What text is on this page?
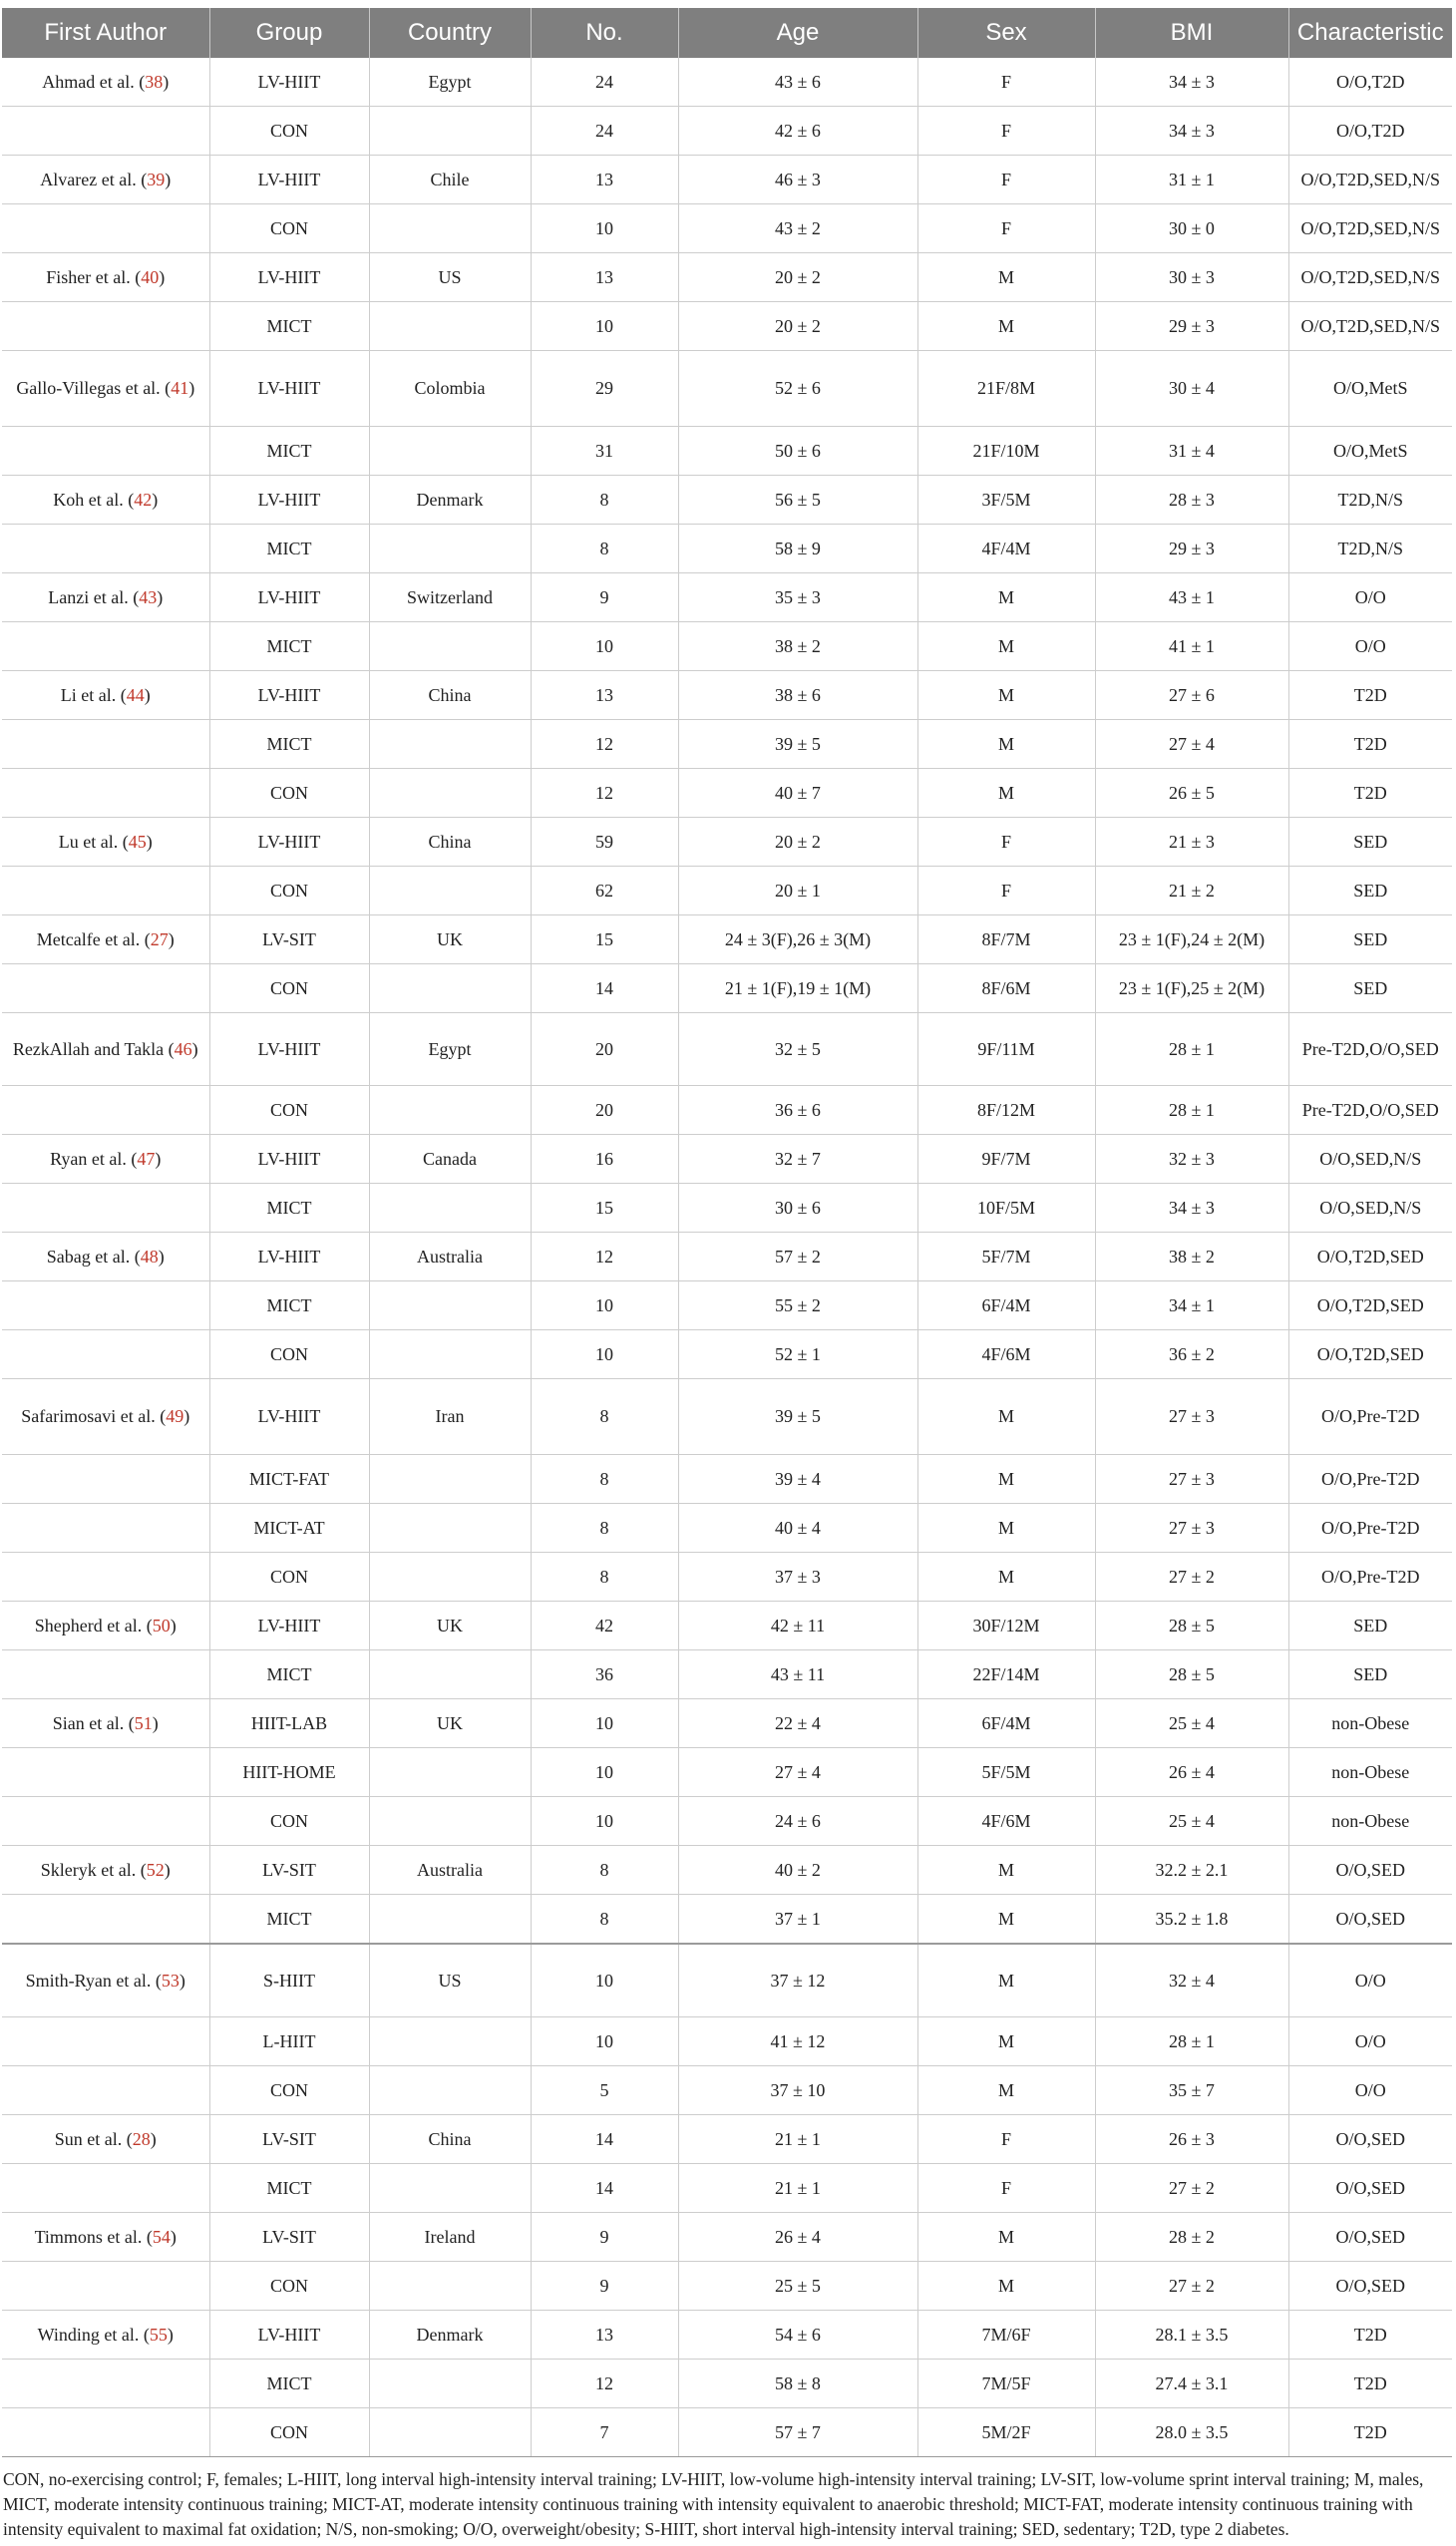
First Author	Group	Country	No.	Age	Sex	BMI	Characteristic
Ahmad et al. (38)	LV-HIIT	Egypt	24	43 ± 6	F	34 ± 3	O/O,T2D
	CON		24	42 ± 6	F	34 ± 3	O/O,T2D
Alvarez et al. (39)	LV-HIIT	Chile	13	46 ± 3	F	31 ± 1	O/O,T2D,SED,N/S
	CON		10	43 ± 2	F	30 ± 0	O/O,T2D,SED,N/S
Fisher et al. (40)	LV-HIIT	US	13	20 ± 2	M	30 ± 3	O/O,T2D,SED,N/S
	MICT		10	20 ± 2	M	29 ± 3	O/O,T2D,SED,N/S
Gallo-Villegas et al. (41)	LV-HIIT	Colombia	29	52 ± 6	21F/8M	30 ± 4	O/O,MetS
	MICT		31	50 ± 6	21F/10M	31 ± 4	O/O,MetS
Koh et al. (42)	LV-HIIT	Denmark	8	56 ± 5	3F/5M	28 ± 3	T2D,N/S
	MICT		8	58 ± 9	4F/4M	29 ± 3	T2D,N/S
Lanzi et al. (43)	LV-HIIT	Switzerland	9	35 ± 3	M	43 ± 1	O/O
	MICT		10	38 ± 2	M	41 ± 1	O/O
Li et al. (44)	LV-HIIT	China	13	38 ± 6	M	27 ± 6	T2D
	MICT		12	39 ± 5	M	27 ± 4	T2D
	CON		12	40 ± 7	M	26 ± 5	T2D
Lu et al. (45)	LV-HIIT	China	59	20 ± 2	F	21 ± 3	SED
	CON		62	20 ± 1	F	21 ± 2	SED
Metcalfe et al. (27)	LV-SIT	UK	15	24 ± 3(F),26 ± 3(M)	8F/7M	23 ± 1(F),24 ± 2(M)	SED
	CON		14	21 ± 1(F),19 ± 1(M)	8F/6M	23 ± 1(F),25 ± 2(M)	SED
RezkAllah and Takla (46)	LV-HIIT	Egypt	20	32 ± 5	9F/11M	28 ± 1	Pre-T2D,O/O,SED
	CON		20	36 ± 6	8F/12M	28 ± 1	Pre-T2D,O/O,SED
Ryan et al. (47)	LV-HIIT	Canada	16	32 ± 7	9F/7M	32 ± 3	O/O,SED,N/S
	MICT		15	30 ± 6	10F/5M	34 ± 3	O/O,SED,N/S
Sabag et al. (48)	LV-HIIT	Australia	12	57 ± 2	5F/7M	38 ± 2	O/O,T2D,SED
	MICT		10	55 ± 2	6F/4M	34 ± 1	O/O,T2D,SED
	CON		10	52 ± 1	4F/6M	36 ± 2	O/O,T2D,SED
Safarimosavi et al. (49)	LV-HIIT	Iran	8	39 ± 5	M	27 ± 3	O/O,Pre-T2D
	MICT-FAT		8	39 ± 4	M	27 ± 3	O/O,Pre-T2D
	MICT-AT		8	40 ± 4	M	27 ± 3	O/O,Pre-T2D
	CON		8	37 ± 3	M	27 ± 2	O/O,Pre-T2D
Shepherd et al. (50)	LV-HIIT	UK	42	42 ± 11	30F/12M	28 ± 5	SED
	MICT		36	43 ± 11	22F/14M	28 ± 5	SED
Sian et al. (51)	HIIT-LAB	UK	10	22 ± 4	6F/4M	25 ± 4	non-Obese
	HIIT-HOME		10	27 ± 4	5F/5M	26 ± 4	non-Obese
	CON		10	24 ± 6	4F/6M	25 ± 4	non-Obese
Skleryk et al. (52)	LV-SIT	Australia	8	40 ± 2	M	32.2 ± 2.1	O/O,SED
	MICT		8	37 ± 1	M	35.2 ± 1.8	O/O,SED
Smith-Ryan et al. (53)	S-HIIT	US	10	37 ± 12	M	32 ± 4	O/O
	L-HIIT		10	41 ± 12	M	28 ± 1	O/O
	CON		5	37 ± 10	M	35 ± 7	O/O
Sun et al. (28)	LV-SIT	China	14	21 ± 1	F	26 ± 3	O/O,SED
	MICT		14	21 ± 1	F	27 ± 2	O/O,SED
Timmons et al. (54)	LV-SIT	Ireland	9	26 ± 4	M	28 ± 2	O/O,SED
	CON		9	25 ± 5	M	27 ± 2	O/O,SED
Winding et al. (55)	LV-HIIT	Denmark	13	54 ± 6	7M/6F	28.1 ± 3.5	T2D
	MICT		12	58 ± 8	7M/5F	27.4 ± 3.1	T2D
	CON		7	57 ± 7	5M/2F	28.0 ± 3.5	T2D
CON, no-exercising control; F, females; L-HIIT, long interval high-intensity interval training; LV-HIIT, low-volume high-intensity interval training; LV-SIT, low-volume sprint interval training; M, males, MICT, moderate intensity continuous training; MICT-AT, moderate intensity continuous training with intensity equivalent to anaerobic threshold; MICT-FAT, moderate intensity continuous training with intensity equivalent to maximal fat oxidation; N/S, non-smoking; O/O, overweight/obesity; S-HIIT, short interval high-intensity interval training; SED, sedentary; T2D, type 2 diabetes.
